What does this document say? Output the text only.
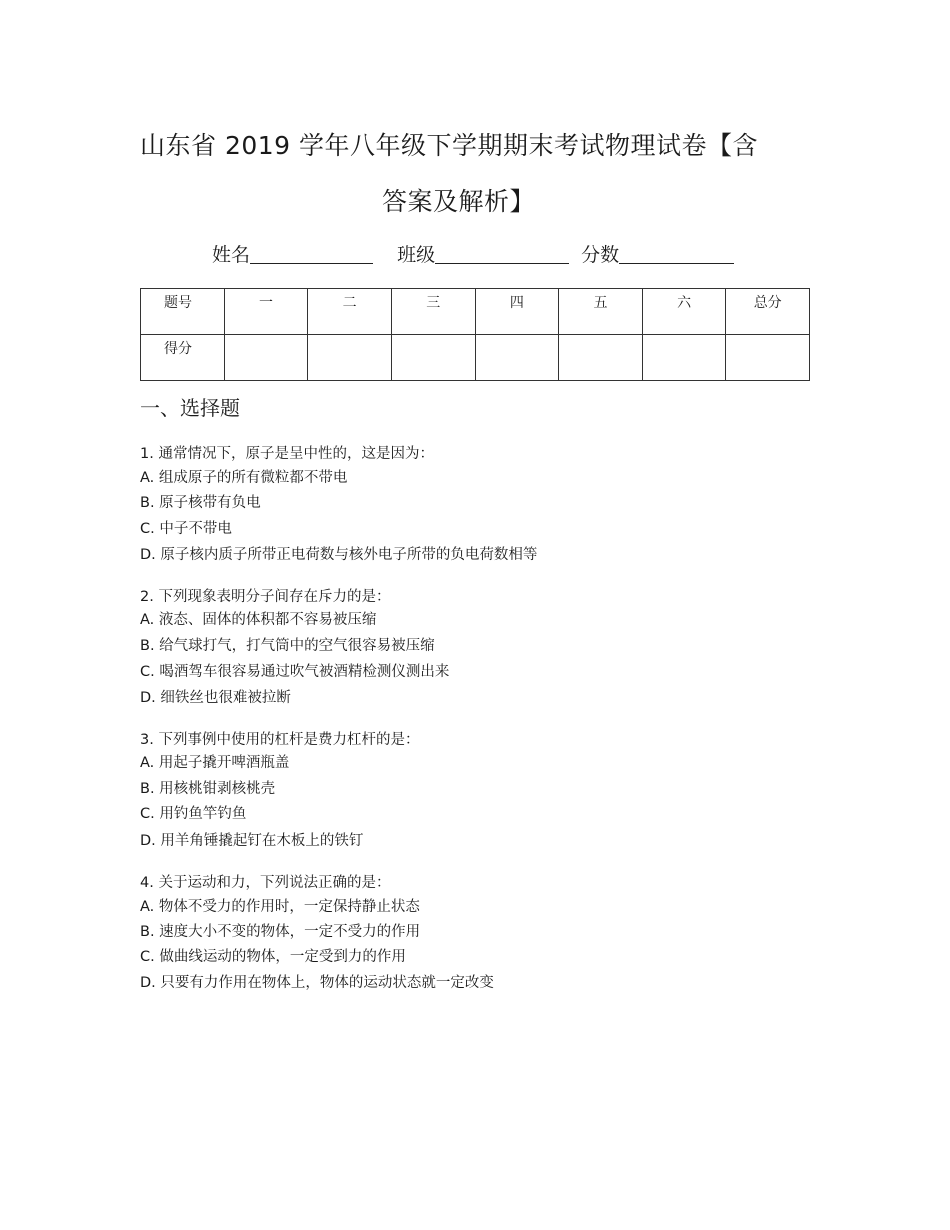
山东省 2019 学年八年级下学期期末考试物理试卷【含
答案及解析】
姓名	班级	分数
题号	一	二	三	四	五	六	总分
得分							
一、选择题
1. 通常情况下，原子是呈中性的，这是因为：
A. 组成原子的所有微粒都不带电
B. 原子核带有负电
C. 中子不带电
D. 原子核内质子所带正电荷数与核外电子所带的负电荷数相等
2. 下列现象表明分子间存在斥力的是：
A. 液态、固体的体积都不容易被压缩
B. 给气球打气，打气筒中的空气很容易被压缩
C. 喝酒驾车很容易通过吹气被酒精检测仪测出来
D. 细铁丝也很难被拉断
3. 下列事例中使用的杠杆是费力杠杆的是：
A. 用起子撬开啤酒瓶盖
B. 用核桃钳剥核桃壳
C. 用钓鱼竿钓鱼
D. 用羊角锤撬起钉在木板上的铁钉
4. 关于运动和力，下列说法正确的是：
A. 物体不受力的作用时，一定保持静止状态
B. 速度大小不变的物体，一定不受力的作用
C. 做曲线运动的物体，一定受到力的作用
D. 只要有力作用在物体上，物体的运动状态就一定改变
